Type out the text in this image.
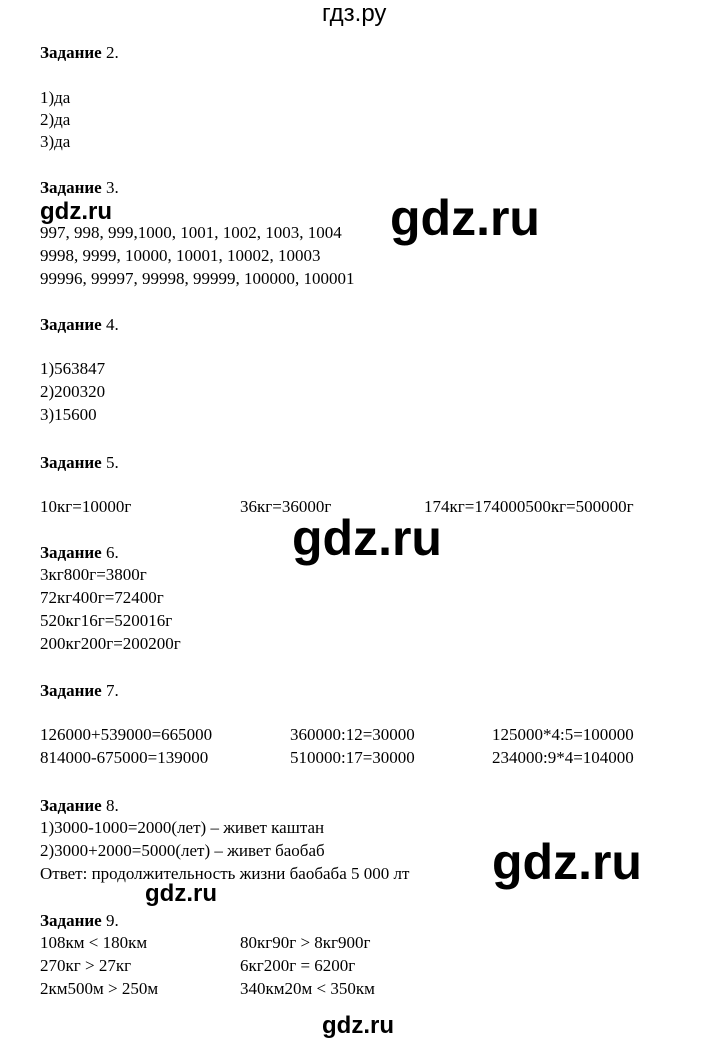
гдз.ру
Задание 2.
1)да
2)да
3)да
Задание 3.
997, 998, 999,1000, 1001, 1002, 1003, 1004
9998, 9999, 10000, 10001, 10002, 10003
99996, 99997, 99998, 99999, 100000, 100001
Задание 4.
1)563847
2)200320
3)15600
Задание 5.
10кг=10000г	36кг=36000г	174кг=174000500кг=500000г
Задание 6.
3кг800г=3800г
72кг400г=72400г
520кг16г=520016г
200кг200г=200200г
Задание 7.
126000+539000=665000	360000:12=30000	125000*4:5=100000
814000-675000=139000	510000:17=30000	234000:9*4=104000
Задание 8.
1)3000-1000=2000(лет) – живет каштан
2)3000+2000=5000(лет) – живет баобаб
Ответ: продолжительность жизни баобаба 5 000 лт
Задание 9.
108км < 180км	80кг90г > 8кг900г
270кг > 27кг	6кг200г = 6200г
2км500м > 250м	340км20м < 350км
gdz.ru	gdz.ru
gdz.ru
gdz.ru
gdz.ru
gdz.ru
